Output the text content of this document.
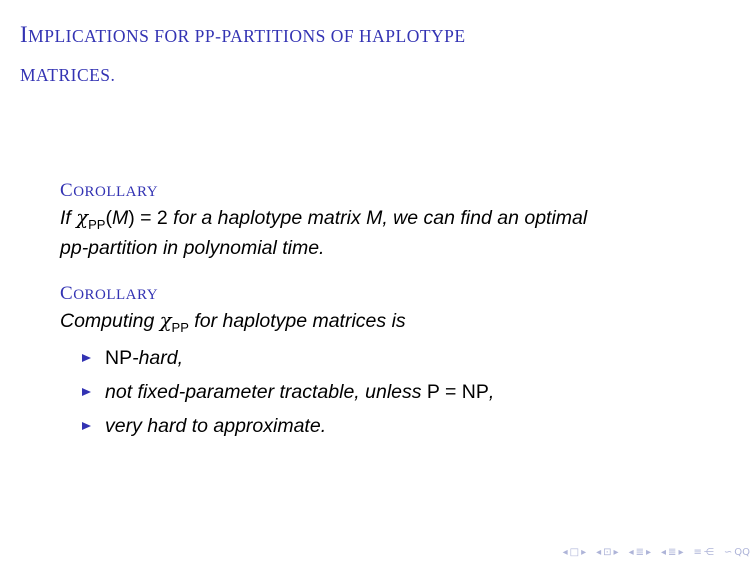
IMPLICATIONS FOR PP-PARTITIONS OF HAPLOTYPE
MATRICES.
COROLLARY
If $\chi_{PP}(M) = 2$ for a haplotype matrix M, we can find an optimal
pp-partition in polynomial time.
COROLLARY
Computing $\chi_{PP}$ for haplotype matrices is
NP-hard,
not fixed-parameter tractable, unless P = NP,
very hard to approximate.
◂ □ ▸ ◂ ⊡ ▸ ◂ ≣ ▸ ◂ ≣ ▸ ≡ ⋲ ∽ QQ
